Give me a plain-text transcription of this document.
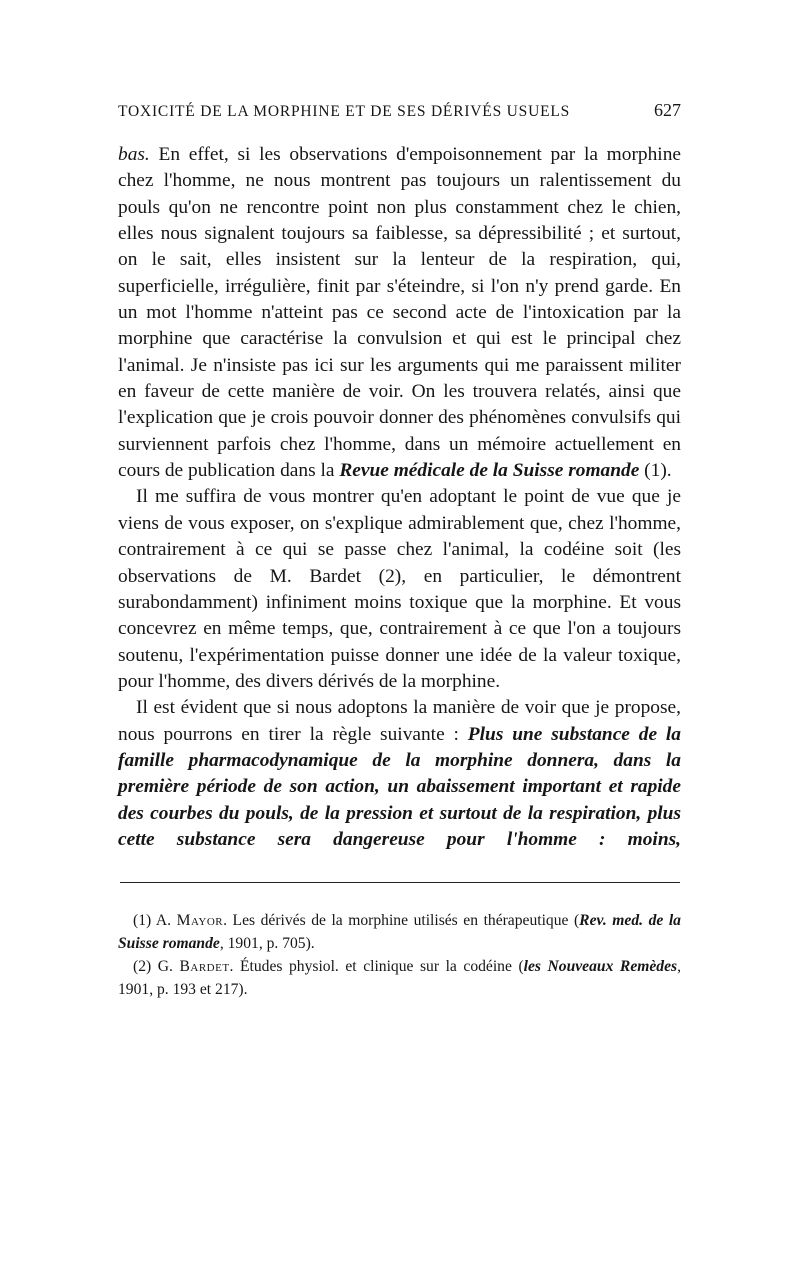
TOXICITÉ DE LA MORPHINE ET DE SES DÉRIVÉS USUELS	627

bas. En effet, si les observations d'empoisonnement par la morphine chez l'homme, ne nous montrent pas toujours un ralentissement du pouls qu'on ne rencontre point non plus constamment chez le chien, elles nous signalent toujours sa faiblesse, sa dépressibilité ; et surtout, on le sait, elles insistent sur la lenteur de la respiration, qui, superficielle, irrégulière, finit par s'éteindre, si l'on n'y prend garde. En un mot l'homme n'atteint pas ce second acte de l'intoxication par la morphine que caractérise la convulsion et qui est le principal chez l'animal. Je n'insiste pas ici sur les arguments qui me paraissent militer en faveur de cette manière de voir. On les trouvera relatés, ainsi que l'explication que je crois pouvoir donner des phénomènes convulsifs qui surviennent parfois chez l'homme, dans un mémoire actuellement en cours de publication dans la Revue médicale de la Suisse romande (1).

Il me suffira de vous montrer qu'en adoptant le point de vue que je viens de vous exposer, on s'explique admirablement que, chez l'homme, contrairement à ce qui se passe chez l'animal, la codéine soit (les observations de M. Bardet (2), en particulier, le démontrent surabondamment) infiniment moins toxique que la morphine. Et vous concevrez en même temps, que, contrairement à ce que l'on a toujours soutenu, l'expérimentation puisse donner une idée de la valeur toxique, pour l'homme, des divers dérivés de la morphine.

Il est évident que si nous adoptons la manière de voir que je propose, nous pourrons en tirer la règle suivante : Plus une substance de la famille pharmacodynamique de la morphine donnera, dans la première période de son action, un abaissement important et rapide des courbes du pouls, de la pression et surtout de la respiration, plus cette substance sera dangereuse pour l'homme : moins,

(1) A. Mayor. Les dérivés de la morphine utilisés en thérapeutique (Rev. med. de la Suisse romande, 1901, p. 705).

(2) G. Bardet. Études physiol. et clinique sur la codéine (les Nouveaux Remèdes, 1901, p. 193 et 217).
